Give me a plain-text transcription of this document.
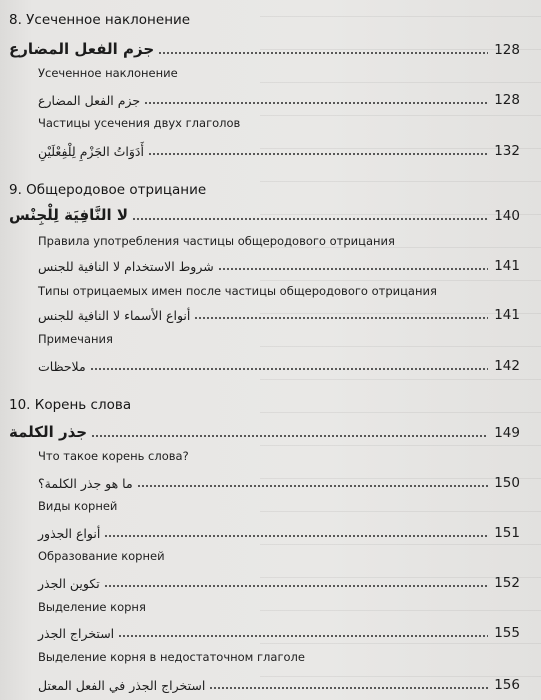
8. Усеченное наклонение
جزم الفعل المضارع	128
Усеченное наклонение
جزم الفعل المضارع	128
Частицы усечения двух глаголов
أَدَوَاتُ الجَزْمِ لِلْفِعْلَيْنِ	132
9. Общеродовое отрицание
لا النَّافِيَة لِلْجِنْس	140
Правила употребления частицы общеродового отрицания
شروط الاستخدام لا النافية للجنس	141
Типы отрицаемых имен после частицы общеродового отрицания
أنواع الأسماء لا النافية للجنس	141
Примечания
ملاحظات	142
10. Корень слова
جذر الكلمة	149
Что такое корень слова?
ما هو جذر الكلمة؟	150
Виды корней
أنواع الجذور	151
Образование корней
تكوين الجذر	152
Выделение корня
استخراج الجذر	155
Выделение корня в недостаточном глаголе
استخراج الجذر في الفعل المعتل	156
